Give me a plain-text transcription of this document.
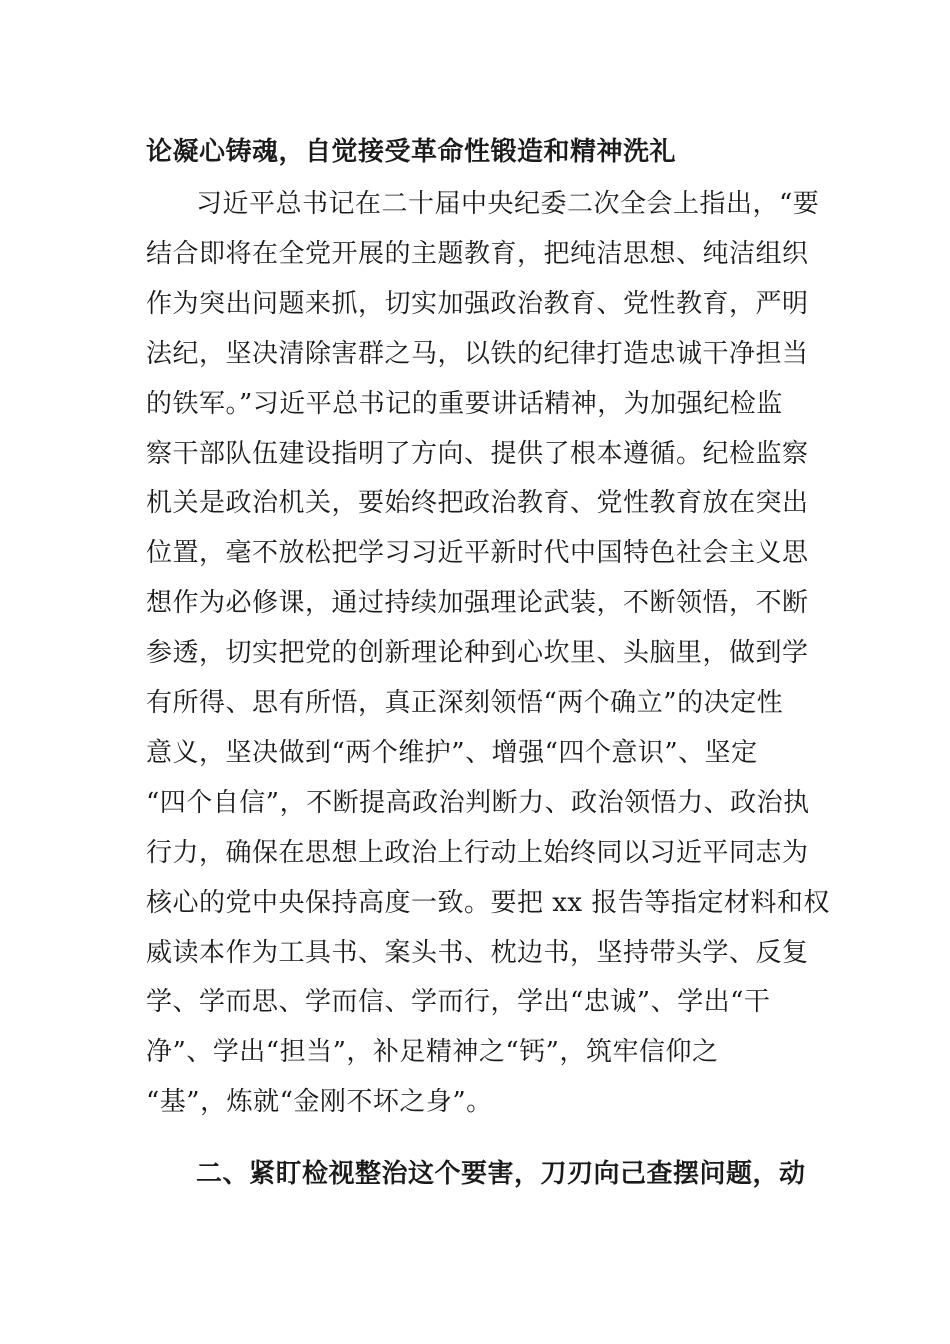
论凝心铸魂，自觉接受革命性锻造和精神洗礼
习近平总书记在二十届中央纪委二次全会上指出，“要
结合即将在全党开展的主题教育，把纯洁思想、纯洁组织
作为突出问题来抓，切实加强政治教育、党性教育，严明
法纪，坚决清除害群之马，以铁的纪律打造忠诚干净担当
的铁军。”习近平总书记的重要讲话精神，为加强纪检监
察干部队伍建设指明了方向、提供了根本遵循。纪检监察
机关是政治机关，要始终把政治教育、党性教育放在突出
位置，毫不放松把学习习近平新时代中国特色社会主义思
想作为必修课，通过持续加强理论武装，不断领悟，不断
参透，切实把党的创新理论种到心坎里、头脑里，做到学
有所得、思有所悟，真正深刻领悟“两个确立”的决定性
意义，坚决做到“两个维护”、增强“四个意识”、坚定
“四个自信”，不断提高政治判断力、政治领悟力、政治执
行力，确保在思想上政治上行动上始终同以习近平同志为
核心的党中央保持高度一致。要把 xx 报告等指定材料和权
威读本作为工具书、案头书、枕边书，坚持带头学、反复
学、学而思、学而信、学而行，学出“忠诚”、学出“干
净”、学出“担当”，补足精神之“钙”，筑牢信仰之
“基”，炼就“金刚不坏之身”。
二、紧盯检视整治这个要害，刀刃向己查摆问题，动
